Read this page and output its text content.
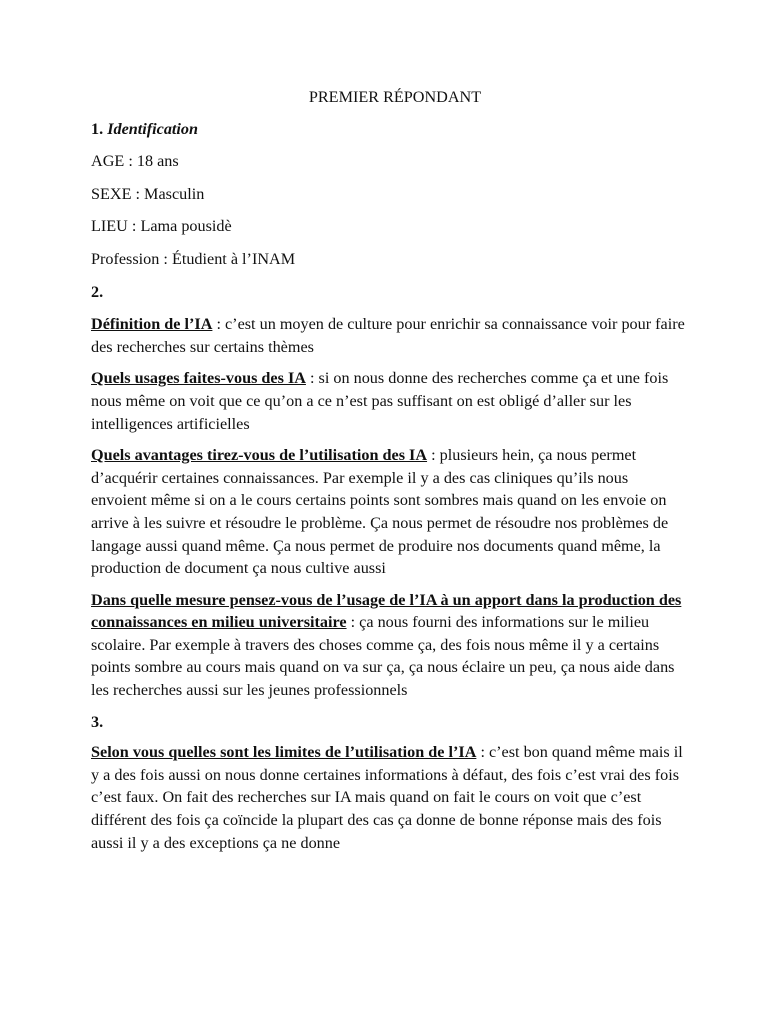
PREMIER RÉPONDANT
1. Identification
AGE : 18 ans
SEXE : Masculin
LIEU : Lama pousidè
Profession : Étudient à l’INAM
2.

Définition de l’IA : c’est un moyen de culture pour enrichir sa connaissance voir pour faire des recherches sur certains thèmes

Quels usages faites-vous des IA : si on nous donne des recherches comme ça et une fois nous même on voit que ce qu’on a ce n’est pas suffisant on est obligé d’aller sur les intelligences artificielles

Quels avantages tirez-vous de l’utilisation des IA : plusieurs hein, ça nous permet d’acquérir certaines connaissances. Par exemple il y a des cas cliniques qu’ils nous envoient même si on a le cours certains points sont sombres mais quand on les envoie on arrive à les suivre et résoudre le problème. Ça nous permet de résoudre nos problèmes de langage aussi quand même. Ça nous permet de produire nos documents quand même, la production de document ça nous cultive aussi

Dans quelle mesure pensez-vous de l’usage de l’IA à un apport dans la production des connaissances en milieu universitaire : ça nous fourni des informations sur le milieu scolaire. Par exemple à travers des choses comme ça, des fois nous même il y a certains points sombre au cours mais quand on va sur ça, ça nous éclaire un peu, ça nous aide dans les recherches aussi sur les jeunes professionnels

3.

Selon vous quelles sont les limites de l’utilisation de l’IA : c’est bon quand même mais il y a des fois aussi on nous donne certaines informations à défaut, des fois c’est vrai des fois c’est faux. On fait des recherches sur IA mais quand on fait le cours on voit que c’est différent des fois ça coïncide la plupart des cas ça donne de bonne réponse mais des fois aussi il y a des exceptions ça ne donne
